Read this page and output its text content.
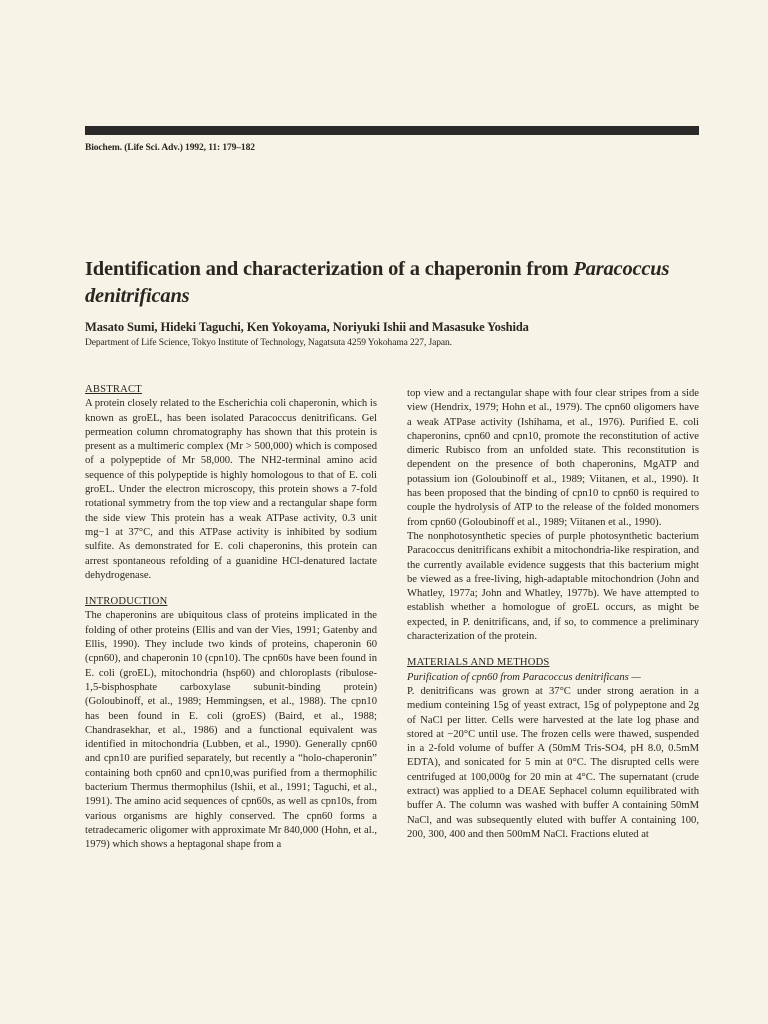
Biochem. (Life Sci. Adv.) 1992, 11: 179–182
Identification and characterization of a chaperonin from Paracoccus denitrificans
Masato Sumi, Hideki Taguchi, Ken Yokoyama, Noriyuki Ishii and Masasuke Yoshida
Department of Life Science, Tokyo Institute of Technology, Nagatsuta 4259 Yokohama 227, Japan.

ABSTRACT

A protein closely related to the Escherichia coli chaperonin, which is known as groEL, has been isolated Paracoccus denitrificans. Gel permeation column chromatography has shown that this protein is present as a multimeric complex (Mr > 500,000) which is composed of a polypeptide of Mr 58,000. The NH2-terminal amino acid sequence of this polypeptide is highly homologous to that of E. coli groEL. Under the electron microscopy, this protein shows a 7-fold rotational symmetry from the top view and a rectangular shape form the side view This protein has a weak ATPase activity, 0.3 unit mg−1 at 37°C, and this ATPase activity is inhibited by sodium sulfite. As demonstrated for E. coli chaperonins, this protein can arrest spontaneous refolding of a guanidine HCl-denatured lactate dehydrogenase.

INTRODUCTION

The chaperonins are ubiquitous class of proteins implicated in the folding of other proteins (Ellis and van der Vies, 1991; Gatenby and Ellis, 1990). They include two kinds of proteins, chaperonin 60 (cpn60), and chaperonin 10 (cpn10). The cpn60s have been found in E. coli (groEL), mitochondria (hsp60) and chloroplasts (ribulose-1,5-bisphosphate carboxylase subunit-binding protein) (Goloubinoff, et al., 1989; Hemmingsen, et al., 1988). The cpn10 has been found in E. coli (groES) (Baird, et al., 1988; Chandrasekhar, et al., 1986) and a functional equivalent was identified in mitochondria (Lubben, et al., 1990). Generally cpn60 and cpn10 are purified separately, but recently a “holo-chaperonin” containing both cpn60 and cpn10,was purified from a thermophilic bacterium Thermus thermophilus (Ishii, et al., 1991; Taguchi, et al., 1991). The amino acid sequences of cpn60s, as well as cpn10s, from various organisms are highly conserved. The cpn60 forms a tetradecameric oligomer with approximate Mr 840,000 (Hohn, et al., 1979) which shows a heptagonal shape from a

top view and a rectangular shape with four clear stripes from a side view (Hendrix, 1979; Hohn et al., 1979). The cpn60 oligomers have a weak ATPase activity (Ishihama, et al., 1976). Purified E. coli chaperonins, cpn60 and cpn10, promote the reconstitution of active dimeric Rubisco from an unfolded state. This reconstitution is dependent on the presence of both chaperonins, MgATP and potassium ion (Goloubinoff et al., 1989; Viitanen, et al., 1990). It has been proposed that the binding of cpn10 to cpn60 is required to couple the hydrolysis of ATP to the release of the folded monomers from cpn60 (Goloubinoff et al., 1989; Viitanen et al., 1990).

The nonphotosynthetic species of purple photosynthetic bacterium Paracoccus denitrificans exhibit a mitochondria-like respiration, and the currently available evidence suggests that this bacterium might be viewed as a free-living, high-adaptable mitochondrion (John and Whatley, 1977a; John and Whatley, 1977b). We have attempted to establish whether a homologue of groEL occurs, as might be expected, in P. denitrificans, and, if so, to commence a preliminary characterization of the protein.

MATERIALS AND METHODS

Purification of cpn60 from Paracoccus denitrificans —

P. denitrificans was grown at 37°C under strong aeration in a medium conteining 15g of yeast extract, 15g of polypeptone and 2g of NaCl per litter. Cells were harvested at the late log phase and stored at −20°C until use. The frozen cells were thawed, suspended in a 2-fold volume of buffer A (50mM Tris-SO4, pH 8.0, 0.5mM EDTA), and sonicated for 5 min at 0°C. The disrupted cells were centrifuged at 100,000g for 20 min at 4°C. The supernatant (crude extract) was applied to a DEAE Sephacel column equilibrated with buffer A. The column was washed with buffer A containing 50mM NaCl, and was subsequently eluted with buffer A containing 100, 200, 300, 400 and then 500mM NaCl. Fractions eluted at
